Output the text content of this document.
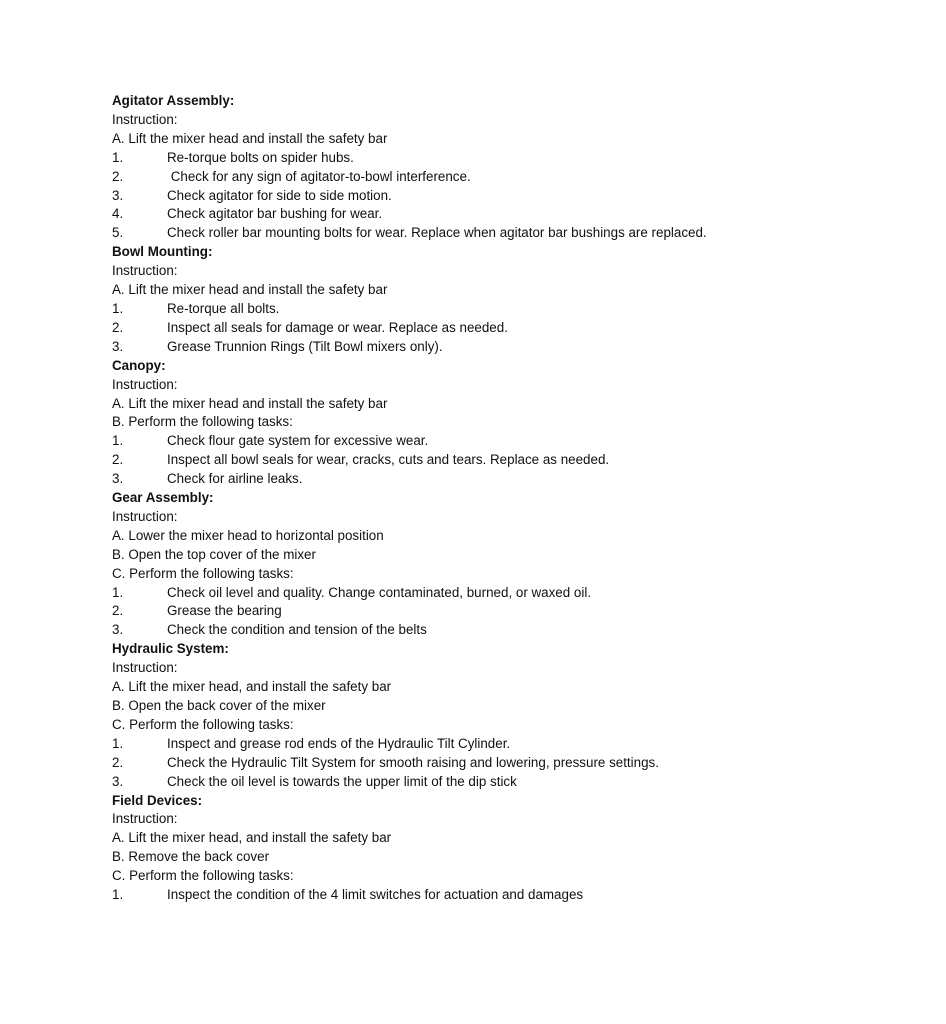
Agitator Assembly:
Instruction:
A. Lift the mixer head and install the safety bar
1.	Re-torque bolts on spider hubs.
2.	Check for any sign of agitator-to-bowl interference.
3.	Check agitator for side to side motion.
4.	Check agitator bar bushing for wear.
5.	Check roller bar mounting bolts for wear. Replace when agitator bar bushings are replaced.
Bowl Mounting:
Instruction:
A. Lift the mixer head and install the safety bar
1.	Re-torque all bolts.
2.	Inspect all seals for damage or wear. Replace as needed.
3.	Grease Trunnion Rings (Tilt Bowl mixers only).
Canopy:
Instruction:
A. Lift the mixer head and install the safety bar
B. Perform the following tasks:
1.	Check flour gate system for excessive wear.
2.	Inspect all bowl seals for wear, cracks, cuts and tears. Replace as needed.
3.	Check for airline leaks.
Gear Assembly:
Instruction:
A. Lower the mixer head to horizontal position
B. Open the top cover of the mixer
C. Perform the following tasks:
1.	Check oil level and quality. Change contaminated, burned, or waxed oil.
2.	Grease the bearing
3.	Check the condition and tension of the belts
Hydraulic System:
Instruction:
A. Lift the mixer head, and install the safety bar
B. Open the back cover of the mixer
C. Perform the following tasks:
1.	Inspect and grease rod ends of the Hydraulic Tilt Cylinder.
2.	Check the Hydraulic Tilt System for smooth raising and lowering, pressure settings.
3.	Check the oil level is towards the upper limit of the dip stick
Field Devices:
Instruction:
A. Lift the mixer head, and install the safety bar
B. Remove the back cover
C. Perform the following tasks:
1.	Inspect the condition of the 4 limit switches for actuation and damages
